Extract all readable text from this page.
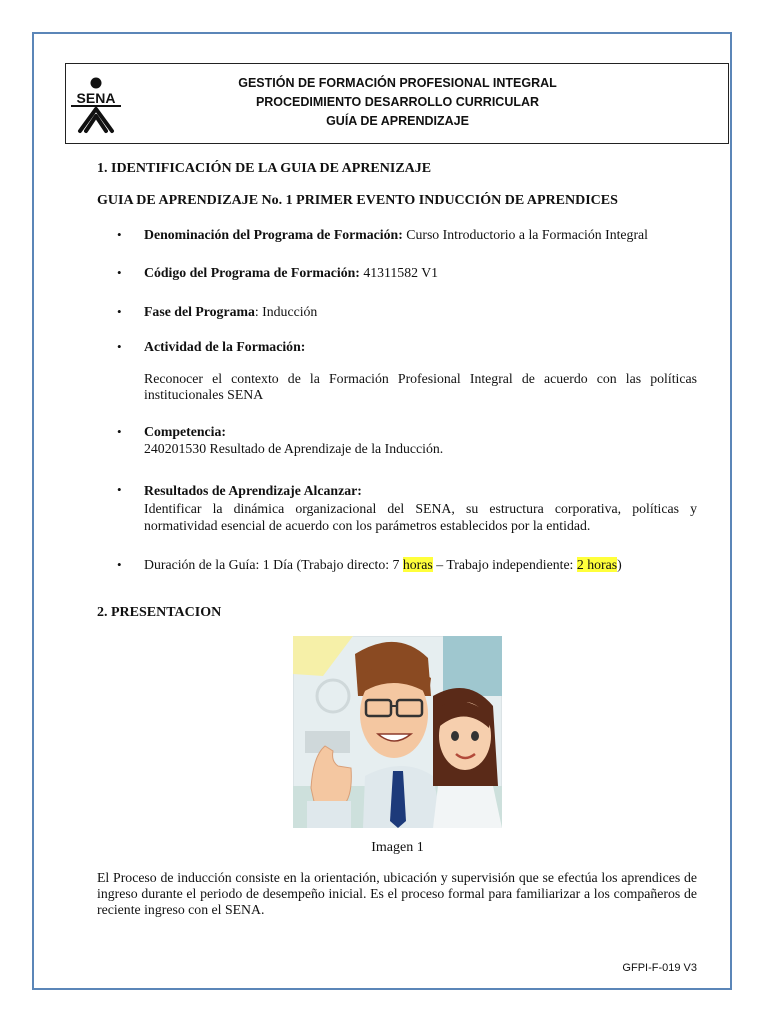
SENA
GESTIÓN DE FORMACIÓN PROFESIONAL INTEGRAL
PROCEDIMIENTO DESARROLLO CURRICULAR
GUÍA DE APRENDIZAJE
1. IDENTIFICACIÓN DE LA GUIA DE APRENIZAJE
GUIA DE APRENDIZAJE No. 1 PRIMER EVENTO INDUCCIÓN DE APRENDICES
• Denominación del Programa de Formación: Curso Introductorio a la Formación Integral
• Código del Programa de Formación: 41311582 V1
• Fase del Programa: Inducción
• Actividad de la Formación:
Reconocer el contexto de la Formación Profesional Integral de acuerdo con las políticas institucionales SENA
• Competencia:
240201530 Resultado de Aprendizaje de la Inducción.
• Resultados de Aprendizaje Alcanzar:
Identificar la dinámica organizacional del SENA, su estructura corporativa, políticas y normatividad esencial de acuerdo con los parámetros establecidos por la entidad.
• Duración de la Guía: 1 Día (Trabajo directo: 7 horas – Trabajo independiente: 2 horas)
2. PRESENTACION
Imagen 1
El Proceso de inducción consiste en la orientación, ubicación y supervisión que se efectúa los aprendices de ingreso durante el periodo de desempeño inicial. Es el proceso formal para familiarizar a los compañeros de reciente ingreso con el SENA.
GFPI-F-019 V3
